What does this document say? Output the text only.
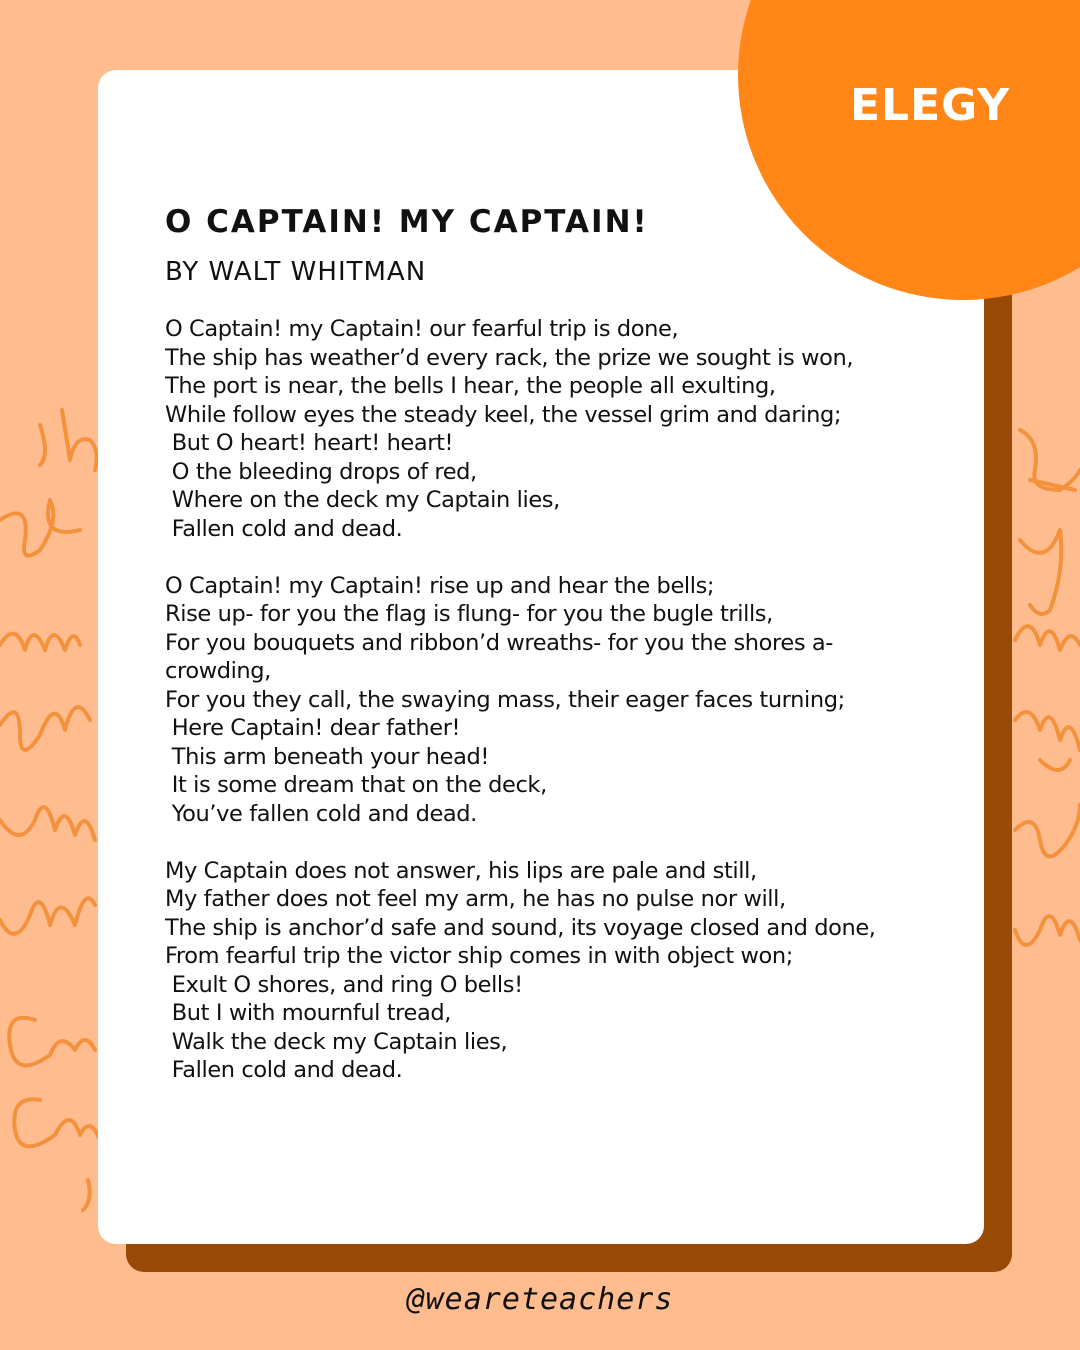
ELEGY
O CAPTAIN! MY CAPTAIN!
BY WALT WHITMAN
O Captain! my Captain! our fearful trip is done,
The ship has weather’d every rack, the prize we sought is won,
The port is near, the bells I hear, the people all exulting,
While follow eyes the steady keel, the vessel grim and daring;
But O heart! heart! heart!
O the bleeding drops of red,
Where on the deck my Captain lies,
Fallen cold and dead.
O Captain! my Captain! rise up and hear the bells;
Rise up- for you the flag is flung- for you the bugle trills,
For you bouquets and ribbon’d wreaths- for you the shores a-crowding,
For you they call, the swaying mass, their eager faces turning;
Here Captain! dear father!
This arm beneath your head!
It is some dream that on the deck,
You’ve fallen cold and dead.
My Captain does not answer, his lips are pale and still,
My father does not feel my arm, he has no pulse nor will,
The ship is anchor’d safe and sound, its voyage closed and done,
From fearful trip the victor ship comes in with object won;
Exult O shores, and ring O bells!
But I with mournful tread,
Walk the deck my Captain lies,
Fallen cold and dead.
@weareteachers
